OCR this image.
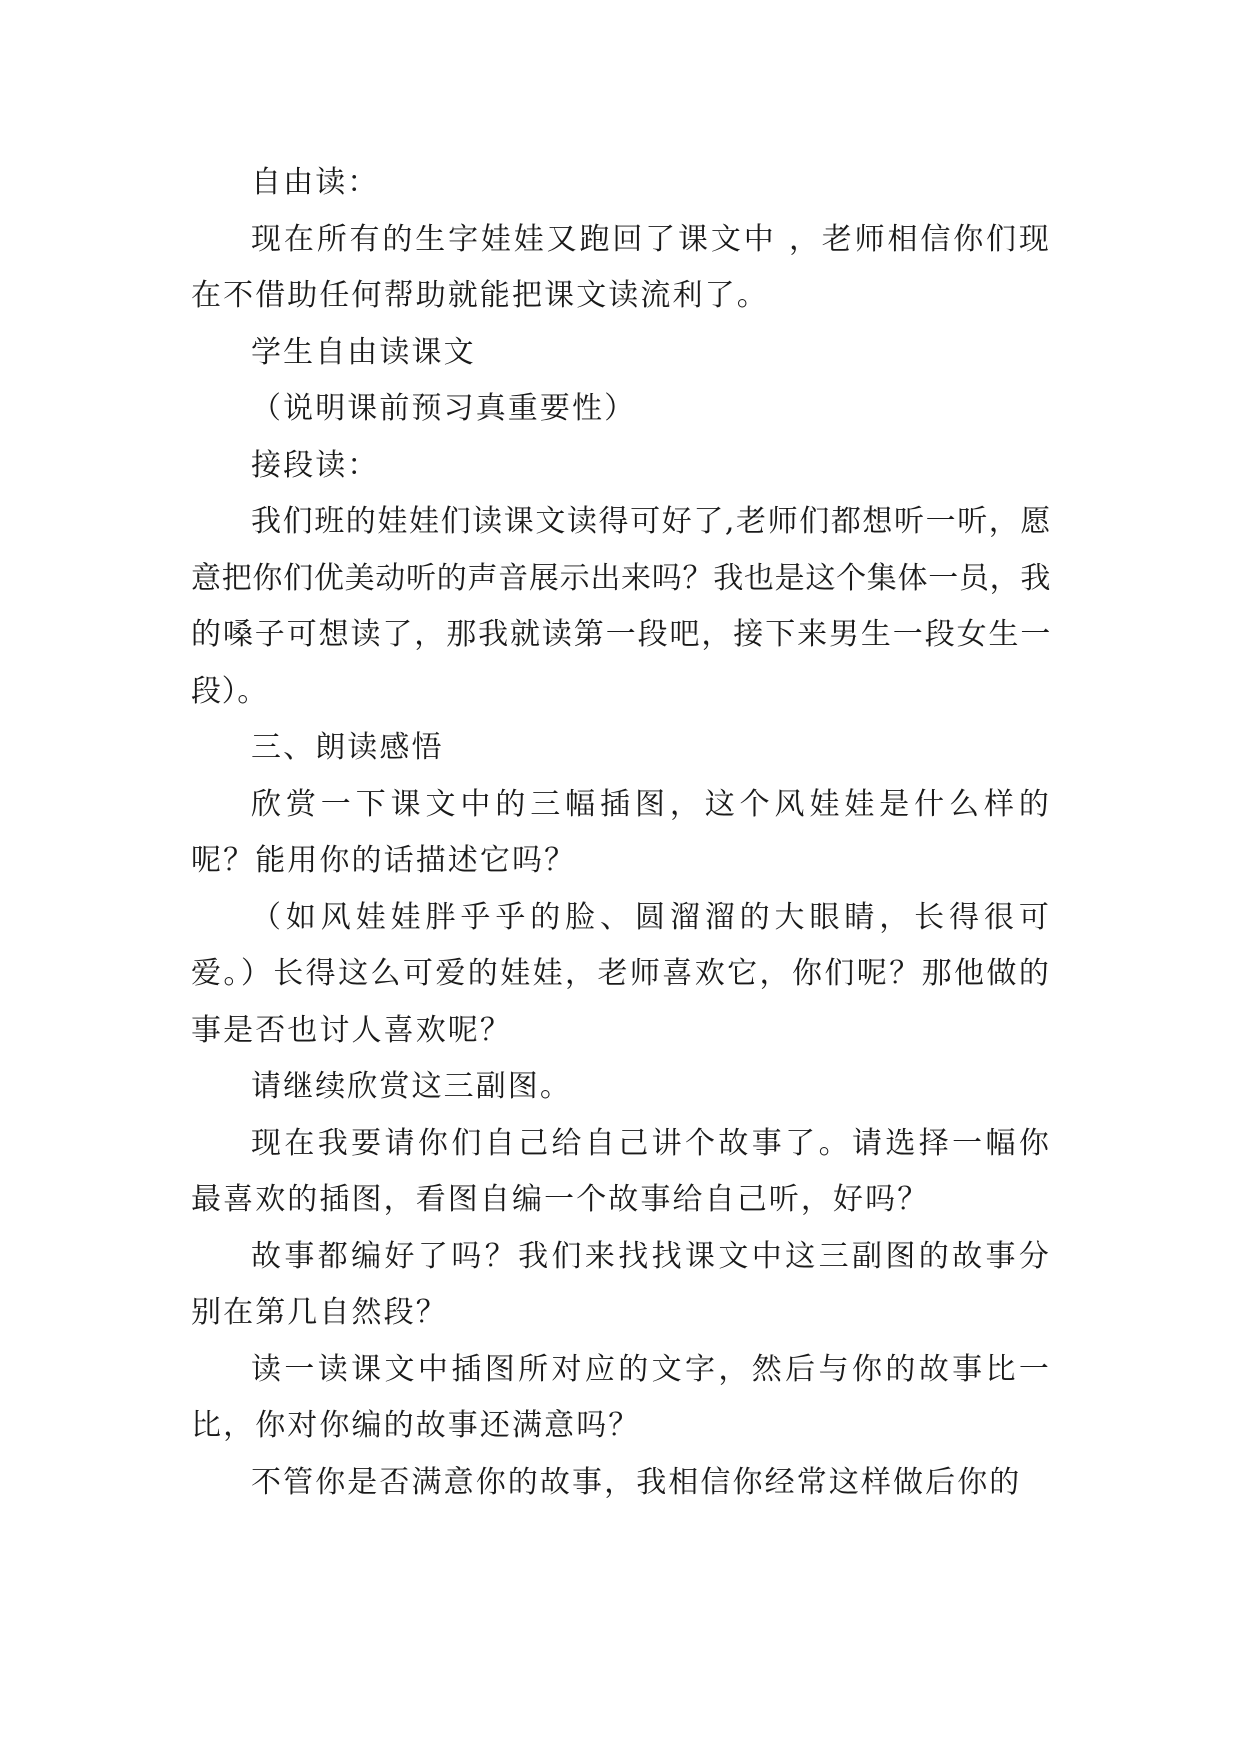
自由读：

现在所有的生字娃娃又跑回了课文中 ，老师相信你们现在不借助任何帮助就能把课文读流利了。

学生自由读课文

（说明课前预习真重要性）

接段读：

我们班的娃娃们读课文读得可好了,老师们都想听一听，愿意把你们优美动听的声音展示出来吗？我也是这个集体一员，我的嗓子可想读了，那我就读第一段吧，接下来男生一段女生一段）。

三、朗读感悟

欣赏一下课文中的三幅插图，这个风娃娃是什么样的呢？能用你的话描述它吗？

（如风娃娃胖乎乎的脸、圆溜溜的大眼睛，长得很可爱。）长得这么可爱的娃娃，老师喜欢它，你们呢？那他做的事是否也讨人喜欢呢？

请继续欣赏这三副图。

现在我要请你们自己给自己讲个故事了。请选择一幅你最喜欢的插图，看图自编一个故事给自己听，好吗？

故事都编好了吗？我们来找找课文中这三副图的故事分别在第几自然段？

读一读课文中插图所对应的文字，然后与你的故事比一比，你对你编的故事还满意吗？

不管你是否满意你的故事，我相信你经常这样做后你的
